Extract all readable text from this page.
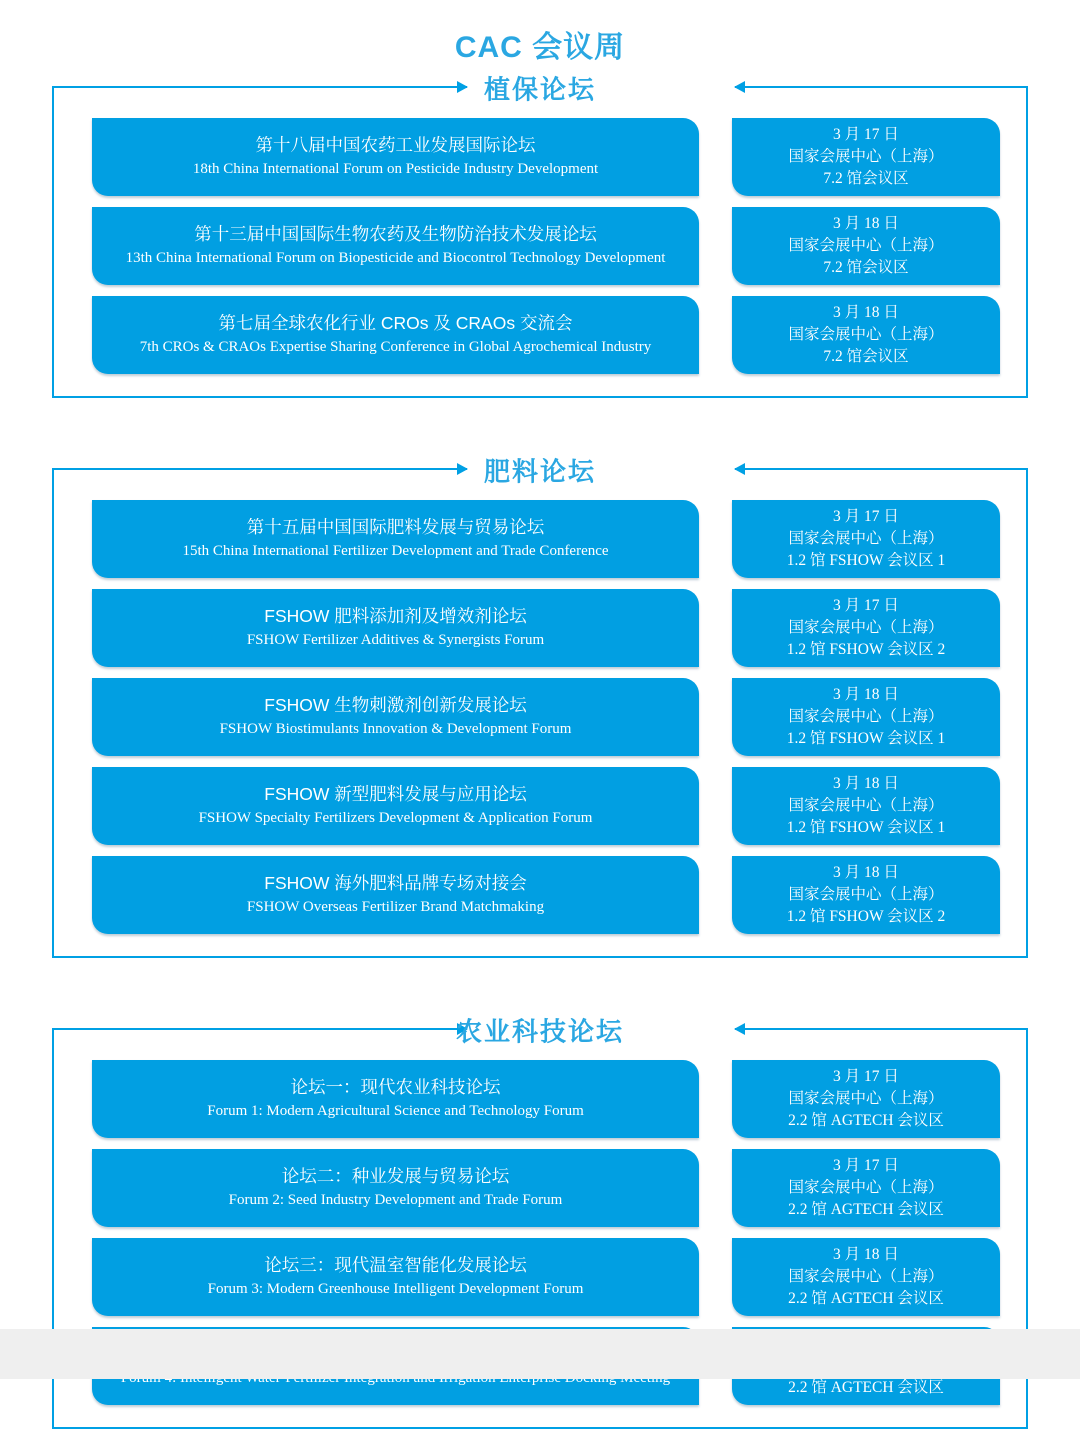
CAC 会议周
植保论坛
第十八届中国农药工业发展国际论坛
18th China International Forum on Pesticide Industry Development
3 月 17 日
国家会展中心（上海）
7.2 馆会议区
第十三届中国国际生物农药及生物防治技术发展论坛
13th China International Forum on Biopesticide and Biocontrol Technology Development
3 月 18 日
国家会展中心（上海）
7.2 馆会议区
第七届全球农化行业 CROs 及 CRAOs 交流会
7th CROs & CRAOs Expertise Sharing Conference in Global Agrochemical Industry
3 月 18 日
国家会展中心（上海）
7.2 馆会议区
肥料论坛
第十五届中国国际肥料发展与贸易论坛
15th China International Fertilizer Development and Trade Conference
3 月 17 日
国家会展中心（上海）
1.2 馆 FSHOW 会议区 1
FSHOW 肥料添加剂及增效剂论坛
FSHOW Fertilizer Additives & Synergists Forum
3 月 17 日
国家会展中心（上海）
1.2 馆 FSHOW 会议区 2
FSHOW 生物刺激剂创新发展论坛
FSHOW Biostimulants Innovation & Development Forum
3 月 18 日
国家会展中心（上海）
1.2 馆 FSHOW 会议区 1
FSHOW 新型肥料发展与应用论坛
FSHOW Specialty Fertilizers Development & Application Forum
3 月 18 日
国家会展中心（上海）
1.2 馆 FSHOW 会议区 1
FSHOW 海外肥料品牌专场对接会
FSHOW Overseas Fertilizer Brand Matchmaking
3 月 18 日
国家会展中心（上海）
1.2 馆 FSHOW 会议区 2
农业科技论坛
论坛一：现代农业科技论坛
Forum 1: Modern Agricultural Science and Technology Forum
3 月 17 日
国家会展中心（上海）
2.2 馆 AGTECH 会议区
论坛二：种业发展与贸易论坛
Forum 2: Seed Industry Development and Trade Forum
3 月 17 日
国家会展中心（上海）
2.2 馆 AGTECH 会议区
论坛三：现代温室智能化发展论坛
Forum 3: Modern Greenhouse Intelligent Development Forum
3 月 18 日
国家会展中心（上海）
2.2 馆 AGTECH 会议区
2.2 馆 AGTECH 会议区
